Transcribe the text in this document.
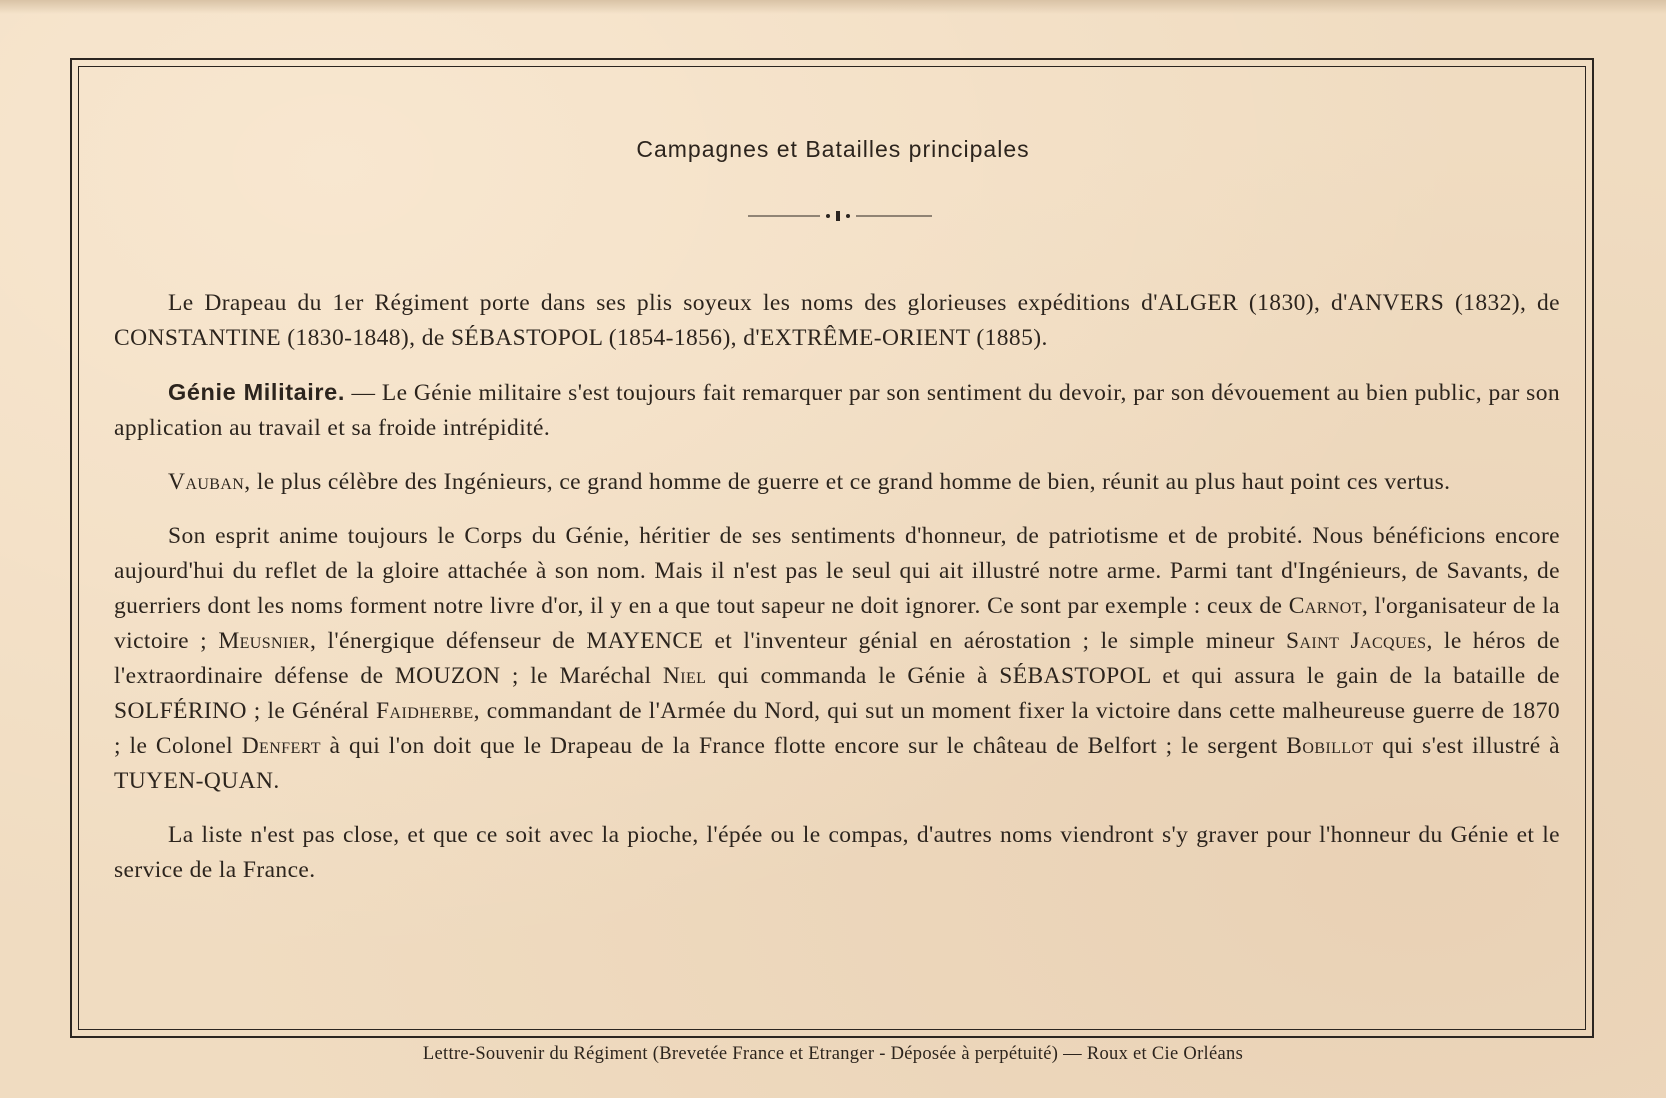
Campagnes et Batailles principales

Le Drapeau du 1er Régiment porte dans ses plis soyeux les noms des glorieuses expéditions d'ALGER (1830), d'ANVERS (1832), de CONSTANTINE (1830-1848), de SÉBASTOPOL (1854-1856), d'EXTRÊME-ORIENT (1885).

Génie Militaire. — Le Génie militaire s'est toujours fait remarquer par son sentiment du devoir, par son dévouement au bien public, par son application au travail et sa froide intrépidité.

Vauban, le plus célèbre des Ingénieurs, ce grand homme de guerre et ce grand homme de bien, réunit au plus haut point ces vertus.

Son esprit anime toujours le Corps du Génie, héritier de ses sentiments d'honneur, de patriotisme et de probité. Nous bénéficions encore aujourd'hui du reflet de la gloire attachée à son nom. Mais il n'est pas le seul qui ait illustré notre arme. Parmi tant d'Ingénieurs, de Savants, de guerriers dont les noms forment notre livre d'or, il y en a que tout sapeur ne doit ignorer. Ce sont par exemple : ceux de Carnot, l'organisateur de la victoire ; Meusnier, l'énergique défenseur de MAYENCE et l'inventeur génial en aérostation ; le simple mineur Saint Jacques, le héros de l'extraordinaire défense de MOUZON ; le Maréchal Niel qui commanda le Génie à SÉBASTOPOL et qui assura le gain de la bataille de SOLFÉRINO ; le Général Faidherbe, commandant de l'Armée du Nord, qui sut un moment fixer la victoire dans cette malheureuse guerre de 1870 ; le Colonel Denfert à qui l'on doit que le Drapeau de la France flotte encore sur le château de Belfort ; le sergent Bobillot qui s'est illustré à TUYEN-QUAN.

La liste n'est pas close, et que ce soit avec la pioche, l'épée ou le compas, d'autres noms viendront s'y graver pour l'honneur du Génie et le service de la France.

Lettre-Souvenir du Régiment (Brevetée France et Etranger - Déposée à perpétuité) — Roux et Cie Orléans
